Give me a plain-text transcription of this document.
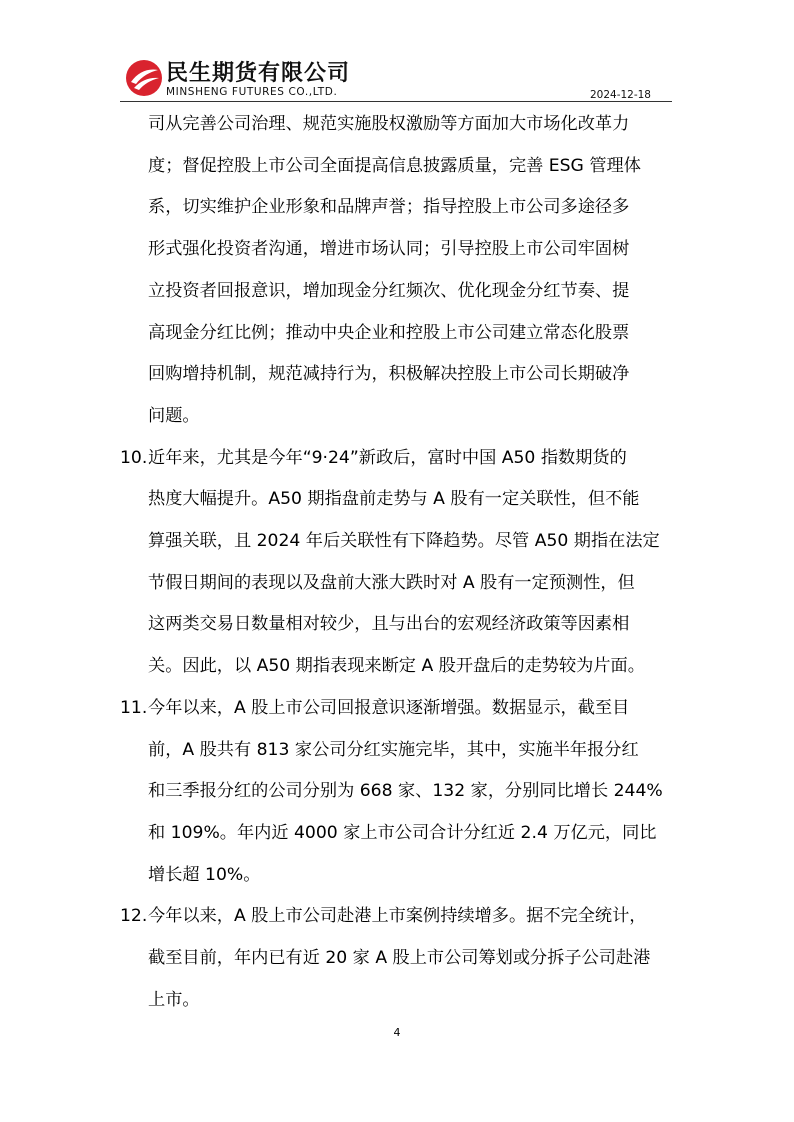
民生期货有限公司
MINSHENG FUTURES CO.,LTD.	2024-12-18
司从完善公司治理、规范实施股权激励等方面加大市场化改革力
度；督促控股上市公司全面提高信息披露质量，完善 ESG 管理体
系，切实维护企业形象和品牌声誉；指导控股上市公司多途径多
形式强化投资者沟通，增进市场认同；引导控股上市公司牢固树
立投资者回报意识，增加现金分红频次、优化现金分红节奏、提
高现金分红比例；推动中央企业和控股上市公司建立常态化股票
回购增持机制，规范减持行为，积极解决控股上市公司长期破净
问题。
10. 近年来，尤其是今年“9·24”新政后，富时中国 A50 指数期货的
热度大幅提升。A50 期指盘前走势与 A 股有一定关联性，但不能
算强关联，且 2024 年后关联性有下降趋势。尽管 A50 期指在法定
节假日期间的表现以及盘前大涨大跌时对 A 股有一定预测性，但
这两类交易日数量相对较少，且与出台的宏观经济政策等因素相
关。因此，以 A50 期指表现来断定 A 股开盘后的走势较为片面。
11. 今年以来，A 股上市公司回报意识逐渐增强。数据显示，截至目
前，A 股共有 813 家公司分红实施完毕，其中，实施半年报分红
和三季报分红的公司分别为 668 家、132 家，分别同比增长 244%
和 109%。年内近 4000 家上市公司合计分红近 2.4 万亿元，同比
增长超 10%。
12. 今年以来，A 股上市公司赴港上市案例持续增多。据不完全统计，
截至目前，年内已有近 20 家 A 股上市公司筹划或分拆子公司赴港
上市。
4
